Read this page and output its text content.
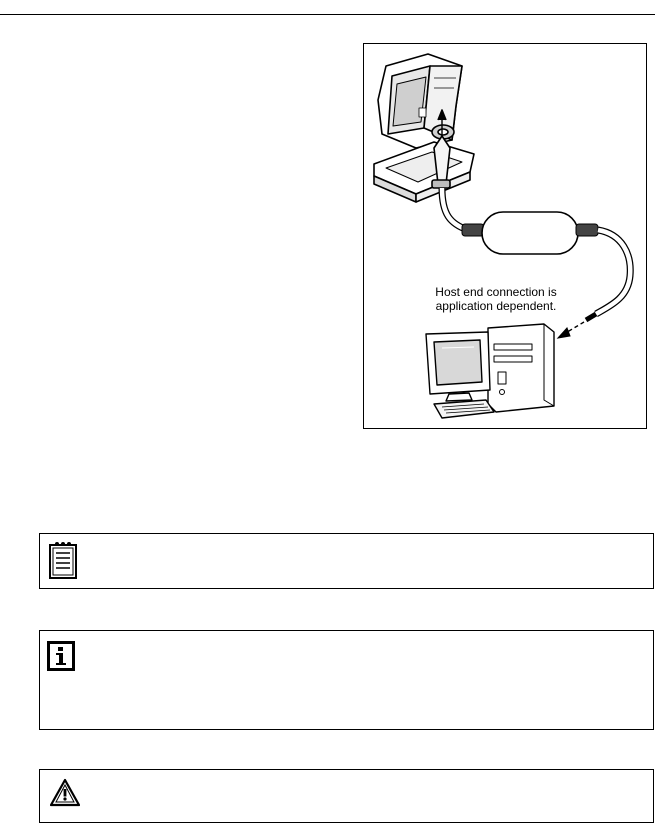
Host end connection is
application dependent.
